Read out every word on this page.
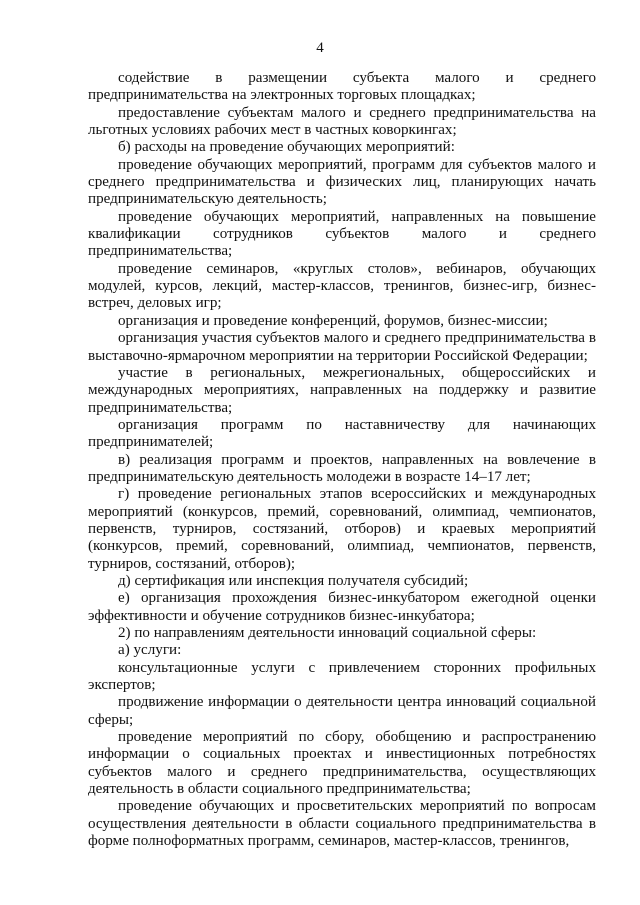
4

содействие в размещении субъекта малого и среднего предпринимательства на электронных торговых площадках;

предоставление субъектам малого и среднего предпринимательства на льготных условиях рабочих мест в частных коворкингах;

б) расходы на проведение обучающих мероприятий:

проведение обучающих мероприятий, программ для субъектов малого и среднего предпринимательства и физических лиц, планирующих начать предпринимательскую деятельность;

проведение обучающих мероприятий, направленных на повышение квалификации сотрудников субъектов малого и среднего предпринимательства;

проведение семинаров, «круглых столов», вебинаров, обучающих модулей, курсов, лекций, мастер-классов, тренингов, бизнес-игр, бизнес-встреч, деловых игр;

организация и проведение конференций, форумов, бизнес-миссии;

организация участия субъектов малого и среднего предпринимательства в выставочно-ярмарочном мероприятии на территории Российской Федерации;

участие в региональных, межрегиональных, общероссийских и международных мероприятиях, направленных на поддержку и развитие предпринимательства;

организация программ по наставничеству для начинающих предпринимателей;

в) реализация программ и проектов, направленных на вовлечение в предпринимательскую деятельность молодежи в возрасте 14–17 лет;

г) проведение региональных этапов всероссийских и международных мероприятий (конкурсов, премий, соревнований, олимпиад, чемпионатов, первенств, турниров, состязаний, отборов) и краевых мероприятий (конкурсов, премий, соревнований, олимпиад, чемпионатов, первенств, турниров, состязаний, отборов);

д) сертификация или инспекция получателя субсидий;

е) организация прохождения бизнес-инкубатором ежегодной оценки эффективности и обучение сотрудников бизнес-инкубатора;

2) по направлениям деятельности инноваций социальной сферы:

а) услуги:

консультационные услуги с привлечением сторонних профильных экспертов;

продвижение информации о деятельности центра инноваций социальной сферы;

проведение мероприятий по сбору, обобщению и распространению информации о социальных проектах и инвестиционных потребностях субъектов малого и среднего предпринимательства, осуществляющих деятельность в области социального предпринимательства;

проведение обучающих и просветительских мероприятий по вопросам осуществления деятельности в области социального предпринимательства в форме полноформатных программ, семинаров, мастер-классов, тренингов,
